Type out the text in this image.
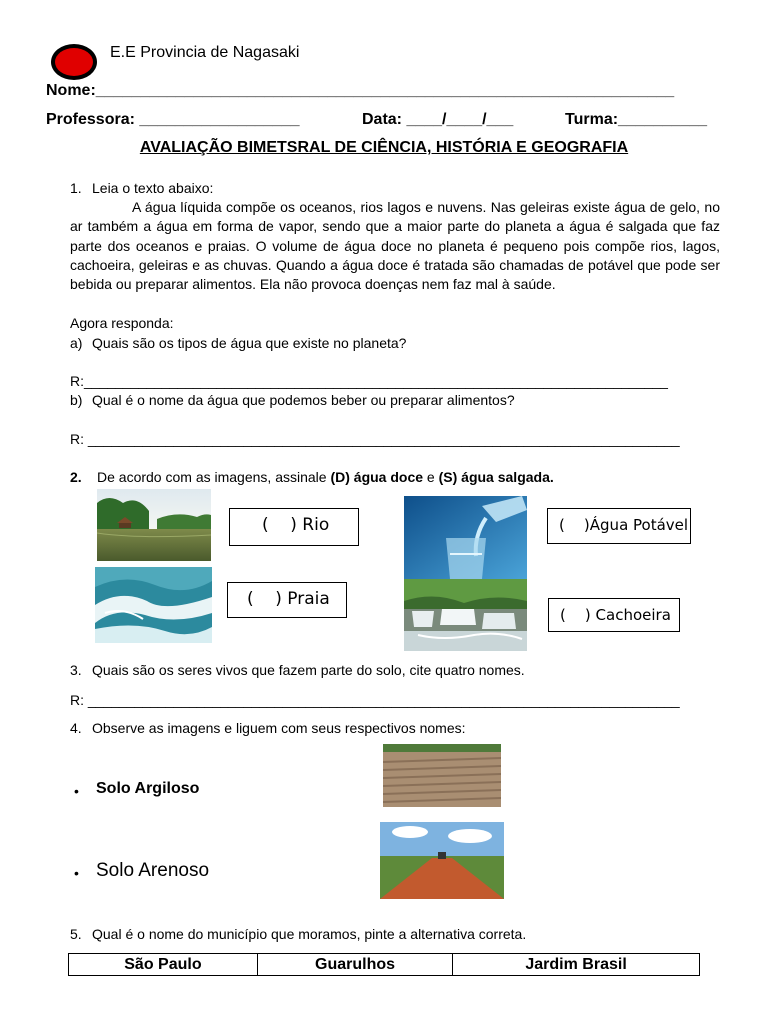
E.E Provincia de Nagasaki
Nome:_________________________________________________________________
Professora: __________________	Data: ____/____/___	Turma:__________
AVALIAÇÃO BIMETSRAL DE CIÊNCIA, HISTÓRIA E GEOGRAFIA
1. Leia o texto abaixo:
A água líquida compõe os oceanos, rios lagos e nuvens. Nas geleiras existe água de gelo, no ar também a água em forma de vapor, sendo que a maior parte do planeta a água é salgada que faz parte dos oceanos e praias. O volume de água doce no planeta é pequeno pois compõe rios, lagos, cachoeira, geleiras e as chuvas. Quando a água doce é tratada são chamadas de potável que pode ser bebida ou preparar alimentos. Ela não provoca doenças nem faz mal à saúde.
Agora responda:
a) Quais são os tipos de água que existe no planeta?
R:___________________________________________________________________________
b) Qual é o nome da água que podemos beber ou preparar alimentos?
R: ____________________________________________________________________________
2. De acordo com as imagens, assinale (D) água doce e (S) água salgada.
(    ) Rio
(    ) Praia
(    )Água Potável
(    ) Cachoeira
3. Quais são os seres vivos que fazem parte do solo, cite quatro nomes.
R: ____________________________________________________________________________
4. Observe as imagens e liguem com seus respectivos nomes:
• Solo Argiloso
• Solo Arenoso
5. Qual é o nome do município que moramos, pinte a alternativa correta.
São Paulo	Guarulhos	Jardim Brasil
